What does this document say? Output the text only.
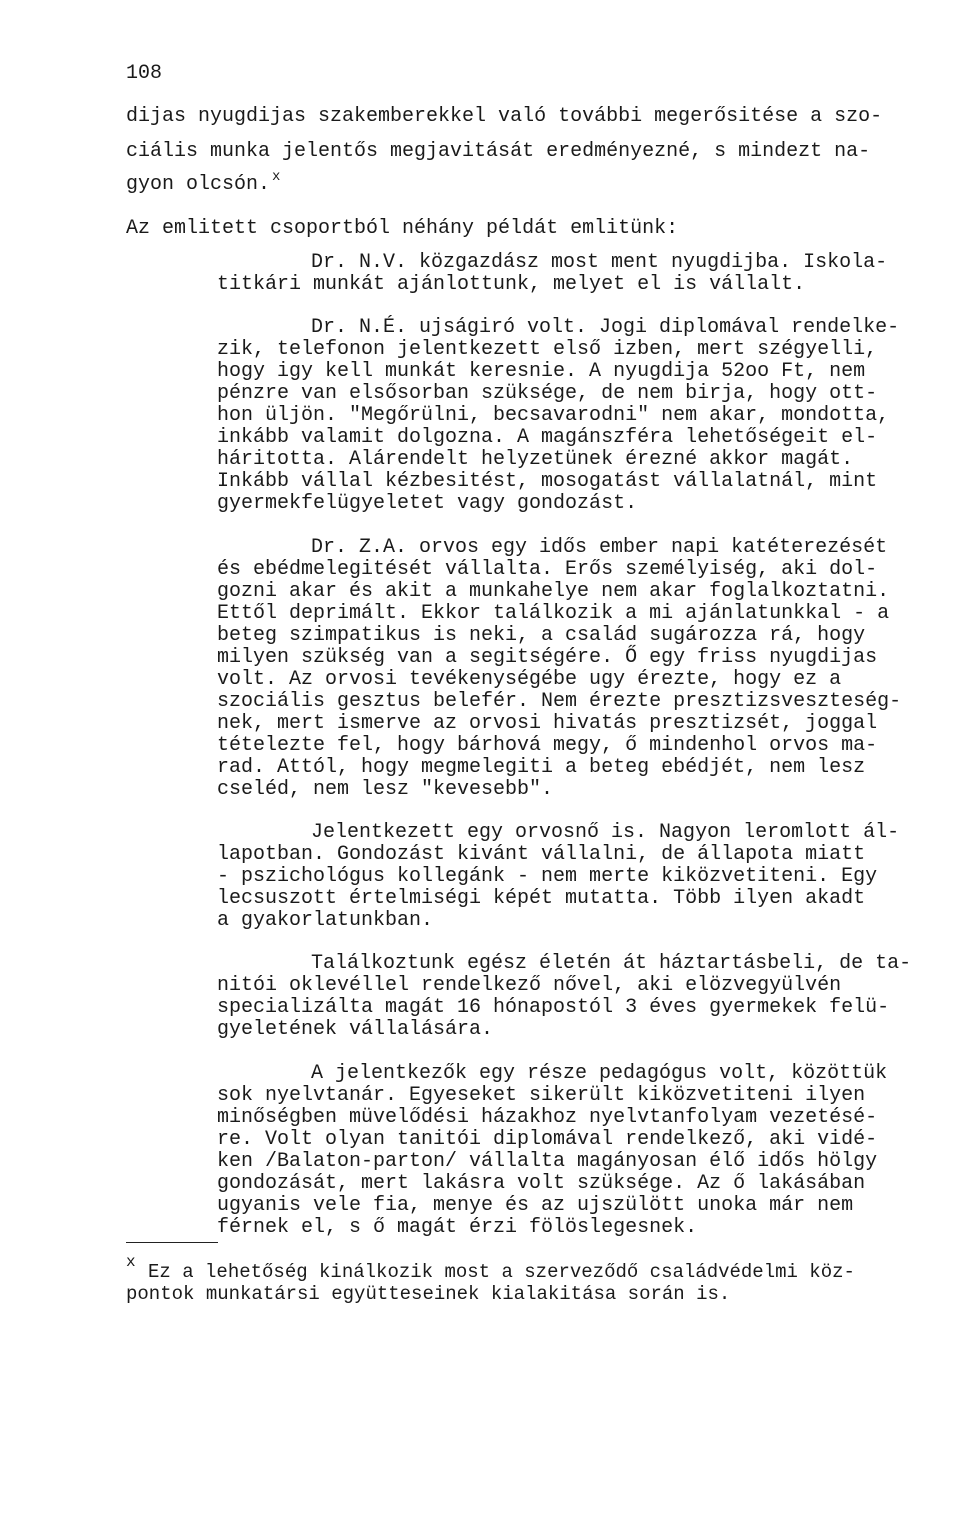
108
dijas nyugdijas szakemberekkel való további megerősitése a szo-
ciális munka jelentős megjavitását eredményezné, s mindezt na-
gyon olcsón. $^x$
Az emlitett csoportból néhány példát emlitünk:
Dr. N.V. közgazdász most ment nyugdijba. Iskola-
titkári munkát ajánlottunk, melyet el is vállalt.
Dr. N.É. ujságiró volt. Jogi diplomával rendelke-
zik, telefonon jelentkezett első izben, mert szégyelli,
hogy igy kell munkát keresnie. A nyugdija 52oo Ft, nem
pénzre van elsősorban szüksége, de nem birja, hogy ott-
hon üljön. "Megőrülni, becsavarodni" nem akar, mondotta,
inkább valamit dolgozna. A magánszféra lehetőségeit el-
háritotta. Alárendelt helyzetünek érezné akkor magát.
Inkább vállal kézbesitést, mosogatást vállalatnál, mint
gyermekfelügyeletet vagy gondozást.
Dr. Z.A. orvos egy idős ember napi katéterezését
és ebédmelegitését vállalta. Erős személyiség, aki dol-
gozni akar és akit a munkahelye nem akar foglalkoztatni.
Ettől deprimált. Ekkor találkozik a mi ajánlatunkkal - a
beteg szimpatikus is neki, a család sugározza rá, hogy
milyen szükség van a segitségére. Ő egy friss nyugdijas
volt. Az orvosi tevékenységébe ugy érezte, hogy ez a
szociális gesztus belefér. Nem érezte presztizsveszteség-
nek, mert ismerve az orvosi hivatás presztizsét, joggal
tételezte fel, hogy bárhová megy, ő mindenhol orvos ma-
rad. Attól, hogy megmelegiti a beteg ebédjét, nem lesz
cseléd, nem lesz "kevesebb".
Jelentkezett egy orvosnő is. Nagyon leromlott ál-
lapotban. Gondozást kivánt vállalni, de állapota miatt
- pszichológus kollegánk - nem merte kiközvetiteni. Egy
lecsuszott értelmiségi képét mutatta. Több ilyen akadt
a gyakorlatunkban.
Találkoztunk egész életén át háztartásbeli, de ta-
nitói oklevéllel rendelkező nővel, aki elözvegyülvén
specializálta magát 16 hónapostól 3 éves gyermekek felü-
gyeletének vállalására.
A jelentkezők egy része pedagógus volt, közöttük
sok nyelvtanár. Egyeseket sikerült kiközvetiteni ilyen
minőségben müvelődési házakhoz nyelvtanfolyam vezetésé-
re. Volt olyan tanitói diplomával rendelkező, aki vidé-
ken /Balaton-parton/ vállalta magányosan élő idős hölgy
gondozását, mert lakásra volt szüksége. Az ő lakásában
ugyanis vele fia, menye és az ujszülött unoka már nem
férnek el, s ő magát érzi fölöslegesnek.
x Ez a lehetőség kinálkozik most a szerveződő családvédelmi köz-
pontok munkatársi együtteseinek kialakitása során is.
